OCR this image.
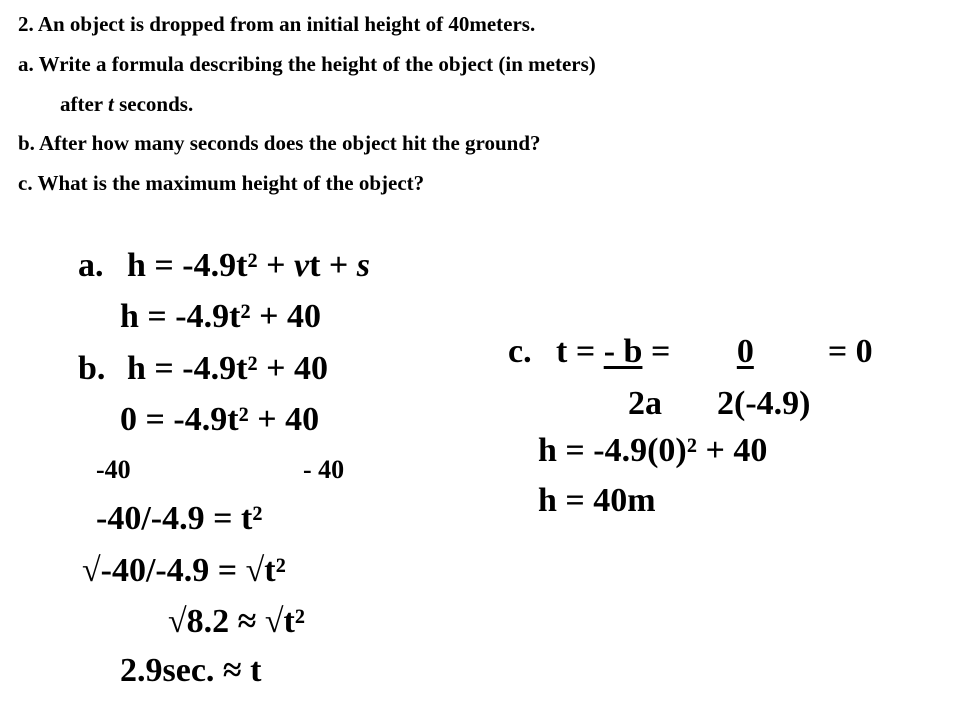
2. An object is dropped from an initial height of 40meters.
a. Write a formula describing the height of the object (in meters)
after t seconds.
b. After how many seconds does the object hit the ground?
c. What is the maximum height of the object?
a. h = -4.9t² + vt + s
h = -4.9t² + 40
b. h = -4.9t² + 40
0 = -4.9t² + 40
-40	- 40
-40/-4.9 = t²
√-40/-4.9 = √t²
√8.2 ≈ √t²
2.9sec. ≈ t
c. t = - b = 0 = 0
2a 2(-4.9)
h = -4.9(0)² + 40
h = 40m
